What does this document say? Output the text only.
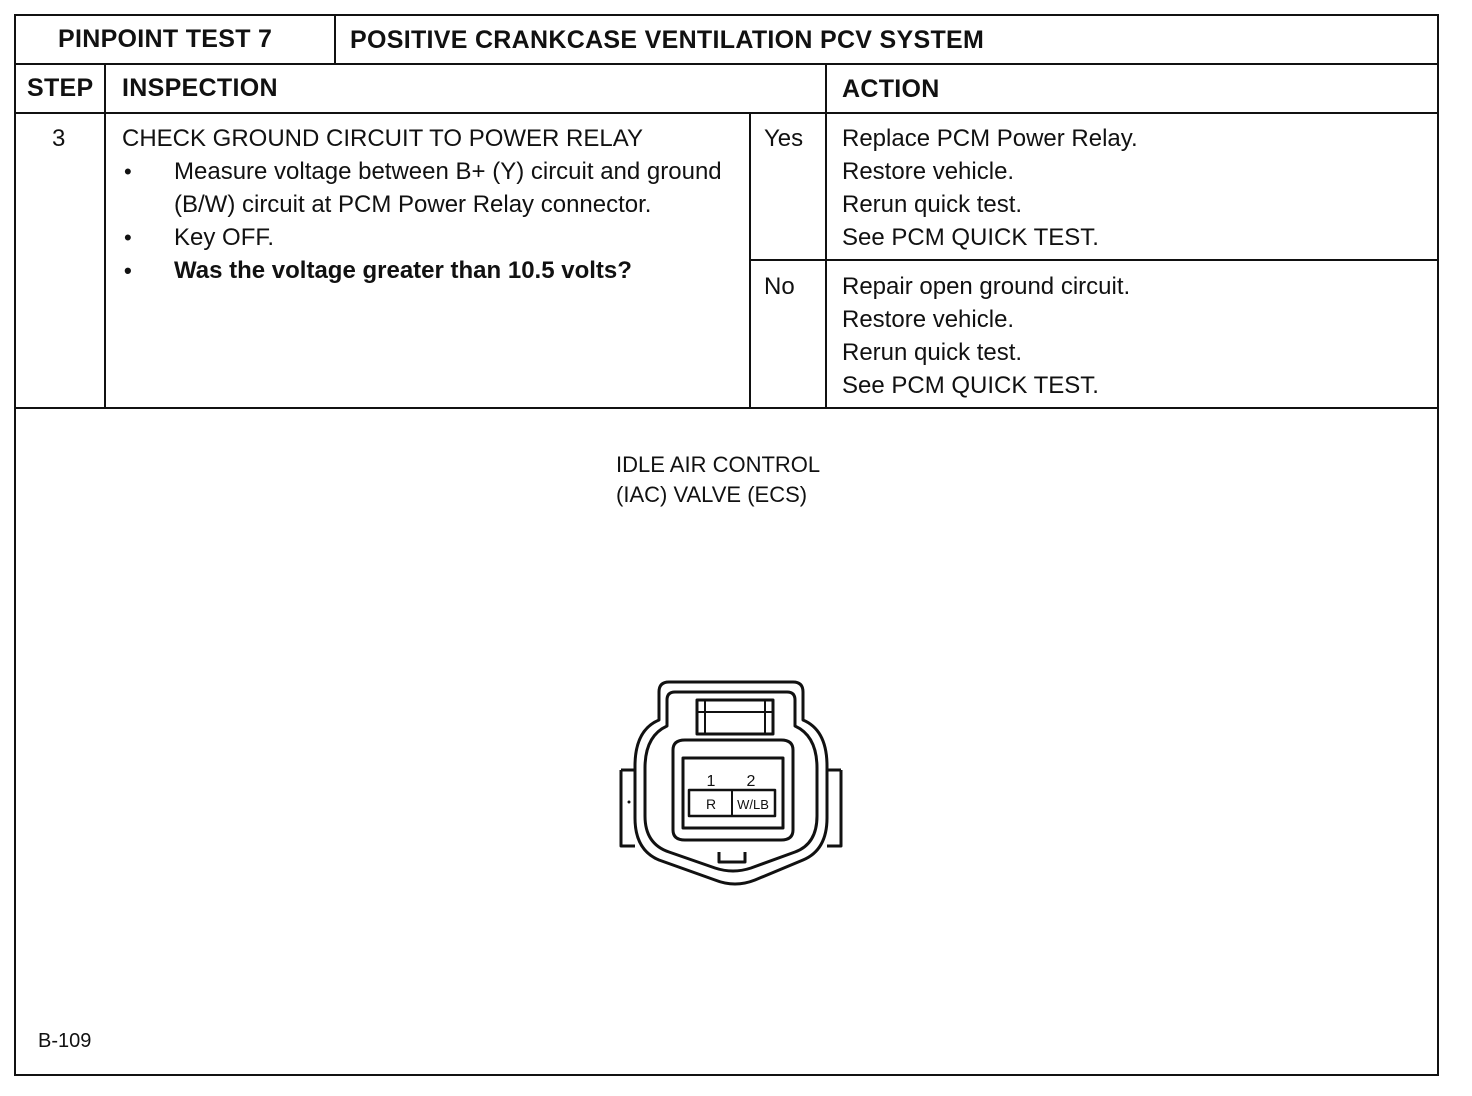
PINPOINT TEST 7	POSITIVE CRANKCASE VENTILATION PCV SYSTEM
STEP INSPECTION	ACTION
3 CHECK GROUND CIRCUIT TO POWER RELAY
• Measure voltage between B+ (Y) circuit and ground (B/W) circuit at PCM Power Relay connector.
• Key OFF.
• Was the voltage greater than 10.5 volts?
Yes Replace PCM Power Relay.
Restore vehicle.
Rerun quick test.
See PCM QUICK TEST.
No Repair open ground circuit.
Restore vehicle.
Rerun quick test.
See PCM QUICK TEST.
IDLE AIR CONTROL
(IAC) VALVE (ECS)
1 2
R W/LB
B-109
